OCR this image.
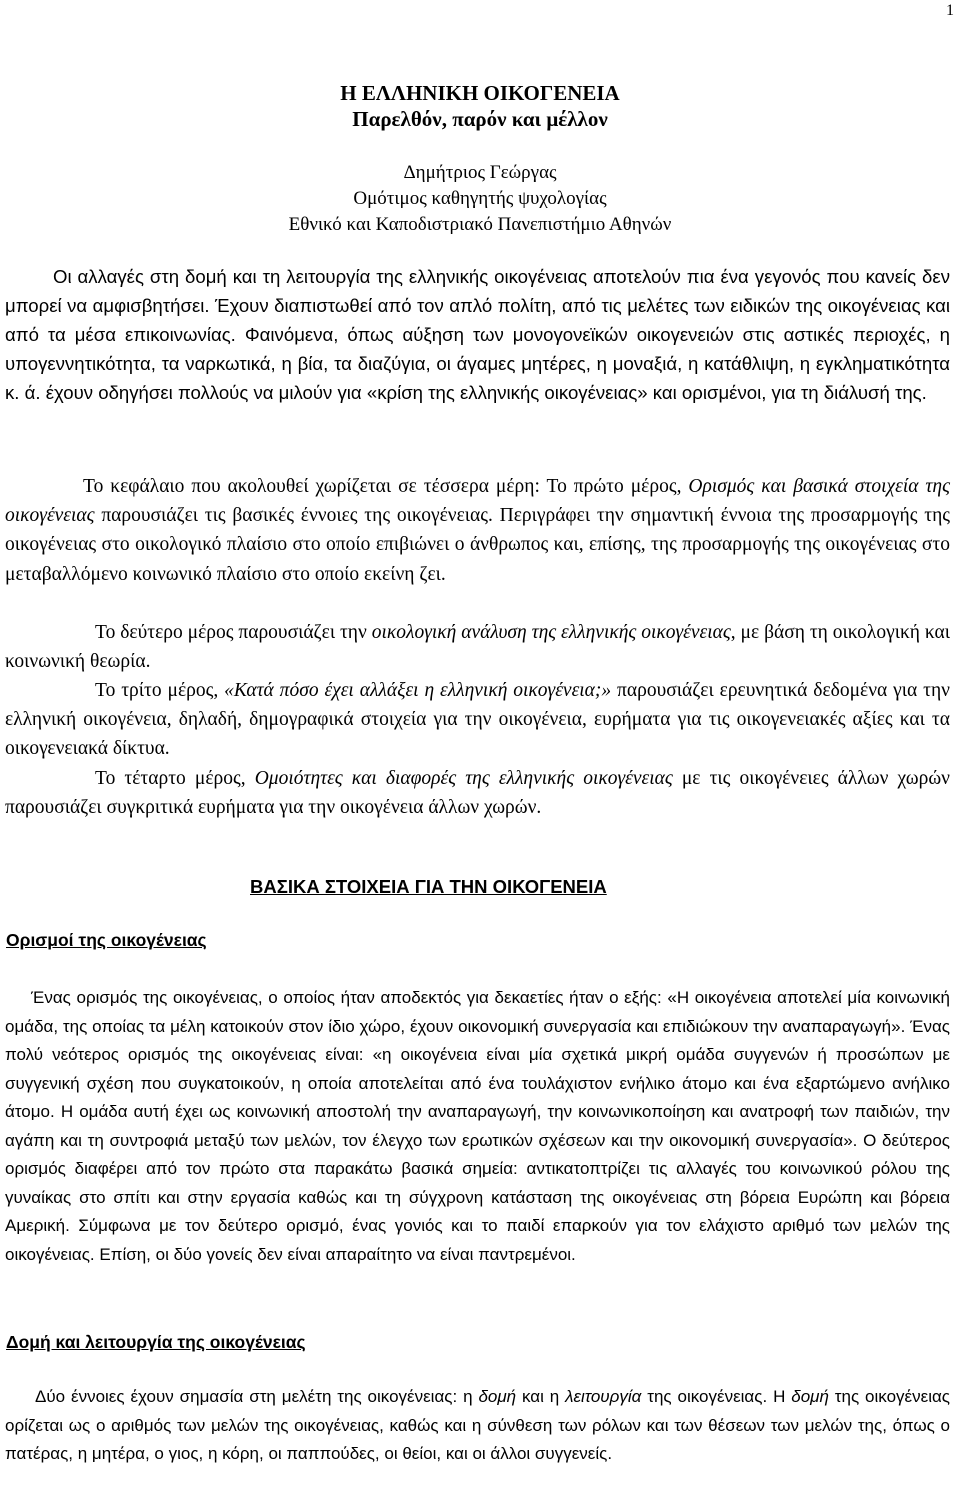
1

Η ΕΛΛΗΝΙΚΗ ΟΙΚΟΓΕΝΕΙΑ

Παρελθόν, παρόν και μέλλον

Δημήτριος Γεώργας

Ομότιμος καθηγητής ψυχολογίας

Εθνικό και Καποδιστριακό Πανεπιστήμιο Αθηνών

Οι αλλαγές στη δομή και τη λειτουργία της ελληνικής οικογένειας αποτελούν πια ένα γεγονός που κανείς δεν μπορεί να αμφισβητήσει. Έχουν διαπιστωθεί από τον απλό πολίτη, από τις μελέτες των ειδικών της οικογένειας και από τα μέσα επικοινωνίας. Φαινόμενα, όπως αύξηση των μονογονεϊκών οικογενειών στις αστικές περιοχές, η υπογεννητικότητα, τα ναρκωτικά, η βία, τα διαζύγια, οι άγαμες μητέρες, η μοναξιά, η κατάθλιψη, η εγκληματικότητα κ. ά. έχουν οδηγήσει πολλούς να μιλούν για «κρίση της ελληνικής οικογένειας» και ορισμένοι, για τη διάλυσή της.

Το κεφάλαιο που ακολουθεί χωρίζεται σε τέσσερα μέρη: Το πρώτο μέρος, Ορισμός και βασικά στοιχεία της οικογένειας παρουσιάζει τις βασικές έννοιες της οικογένειας. Περιγράφει την σημαντική έννοια της προσαρμογής της οικογένειας στο οικολογικό πλαίσιο στο οποίο επιβιώνει ο άνθρωπος και, επίσης, της προσαρμογής της οικογένειας στο μεταβαλλόμενο κοινωνικό πλαίσιο στο οποίο εκείνη ζει.

Το δεύτερο μέρος παρουσιάζει την οικολογική ανάλυση της ελληνικής οικογένειας, με βάση τη οικολογική και κοινωνική θεωρία.

Το τρίτο μέρος, «Κατά πόσο έχει αλλάξει η ελληνική οικογένεια;» παρουσιάζει ερευνητικά δεδομένα για την ελληνική οικογένεια, δηλαδή, δημογραφικά στοιχεία για την οικογένεια, ευρήματα για τις οικογενειακές αξίες και τα οικογενειακά δίκτυα.

Το τέταρτο μέρος, Ομοιότητες και διαφορές της ελληνικής οικογένειας με τις οικογένειες άλλων χωρών παρουσιάζει συγκριτικά ευρήματα για την οικογένεια άλλων χωρών.

ΒΑΣΙΚΑ ΣΤΟΙΧΕΙΑ ΓΙΑ ΤΗΝ ΟΙΚΟΓΕΝΕΙΑ

Ορισμοί της οικογένειας

Ένας ορισμός της οικογένειας, ο οποίος ήταν αποδεκτός για δεκαετίες ήταν ο εξής: «Η οικογένεια αποτελεί μία κοινωνική ομάδα, της οποίας τα μέλη κατοικούν στον ίδιο χώρο, έχουν οικονομική συνεργασία και επιδιώκουν την αναπαραγωγή». Ένας πολύ νεότερος ορισμός της οικογένειας είναι: «η οικογένεια είναι μία σχετικά μικρή ομάδα συγγενών ή προσώπων με συγγενική σχέση που συγκατοικούν, η οποία αποτελείται από ένα τουλάχιστον ενήλικο άτομο και ένα εξαρτώμενο ανήλικο άτομο. Η ομάδα αυτή έχει ως κοινωνική αποστολή την αναπαραγωγή, την κοινωνικοποίηση και ανατροφή των παιδιών, την αγάπη και τη συντροφιά μεταξύ των μελών, τον έλεγχο των ερωτικών σχέσεων και την οικονομική συνεργασία». Ο δεύτερος ορισμός διαφέρει από τον πρώτο στα παρακάτω βασικά σημεία: αντικατοπτρίζει τις αλλαγές του κοινωνικού ρόλου της γυναίκας στο σπίτι και στην εργασία καθώς και τη σύγχρονη κατάσταση της οικογένειας στη βόρεια Ευρώπη και βόρεια Αμερική. Σύμφωνα με τον δεύτερο ορισμό, ένας γονιός και το παιδί επαρκούν για τον ελάχιστο αριθμό των μελών της οικογένειας. Επίση, οι δύο γονείς δεν είναι απαραίτητο να είναι παντρεμένοι.

Δομή και λειτουργία της οικογένειας

Δύο έννοιες έχουν σημασία στη μελέτη της οικογένειας: η δομή και η λειτουργία της οικογένειας. Η δομή της οικογένειας ορίζεται ως ο αριθμός των μελών της οικογένειας, καθώς και η σύνθεση των ρόλων και των θέσεων των μελών της, όπως ο πατέρας, η μητέρα, ο γιος, η κόρη, οι παππούδες, οι θείοι, και οι άλλοι συγγενείς.
